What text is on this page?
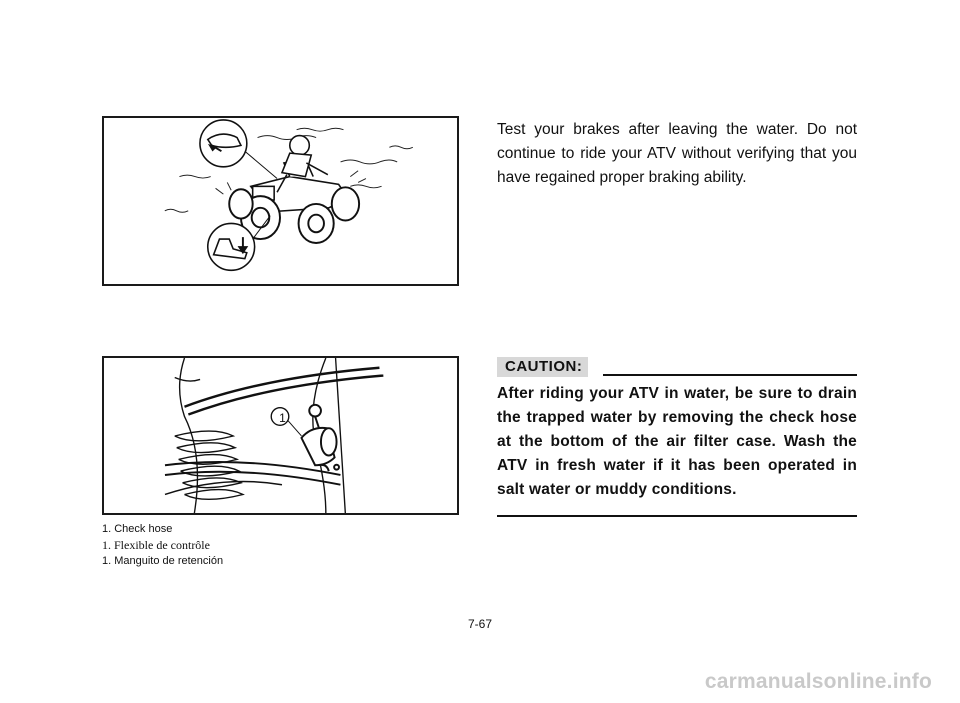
1
1. Check hose
1. Flexible de contrôle
1. Manguito de retención

Test your brakes after leaving the water. Do not continue to ride your ATV without verifying that you have regained proper braking ability.

CAUTION:

After riding your ATV in water, be sure to drain the trapped water by removing the check hose at the bottom of the air filter case. Wash the ATV in fresh water if it has been operated in salt water or muddy conditions.

7-67
carmanualsonline.info
